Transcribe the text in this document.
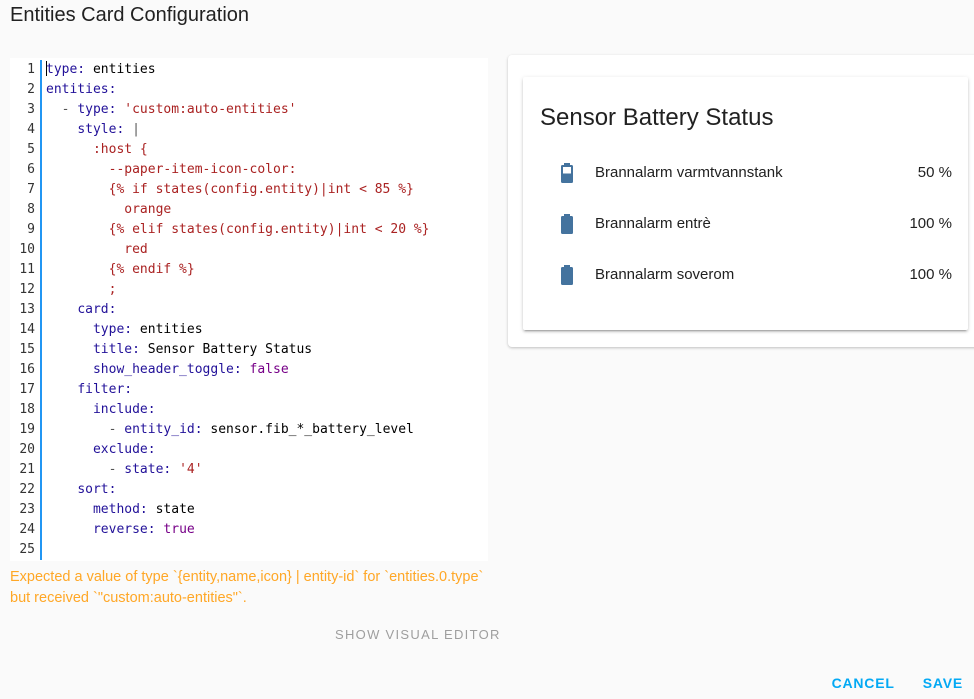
Entities Card Configuration
1 type: entities
2 entities:
3	- type: 'custom:auto-entities'
4	style: |
5 :host {
6 --paper-item-icon-color:
7 {% if states(config.entity)|int < 85 %}
8 orange
9 {% elif states(config.entity)|int < 20 %}
10 red
11 {% endif %}
12 ;
13	card:
14	type: entities
15	title: Sensor Battery Status
16	show_header_toggle: false
17	filter:
18	include:
19	- entity_id: sensor.fib_*_battery_level
20	exclude:
21	- state: '4'
22	sort:
23	method: state
24	reverse: true
25
Expected a value of type `{entity,name,icon} | entity-id` for `entities.0.type`
but received `"custom:auto-entities"`.
SHOW VISUAL EDITOR
Sensor Battery Status
Brannalarm varmtvannstank	50 %
Brannalarm entrè	100 %
Brannalarm soverom	100 %
CANCEL SAVE
